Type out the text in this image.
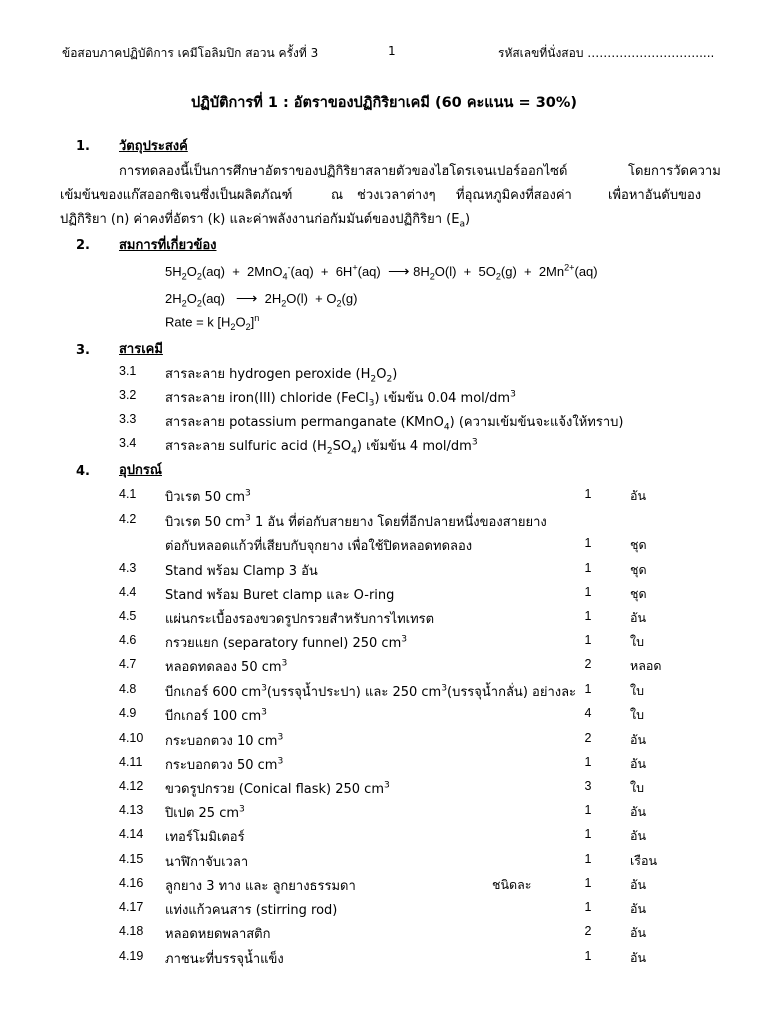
ข้อสอบภาคปฏิบัติการ เคมีโอลิมปิก สอวน ครั้งที่ 3	1	รหัสเลขที่นั่งสอบ ……………………….....
ปฏิบัติการที่ 1 : อัตราของปฏิกิริยาเคมี (60 คะแนน = 30%)
1. วัตถุประสงค์
การทดลองนี้เป็นการศึกษาอัตราของปฏิกิริยาสลายตัวของไฮโดรเจนเปอร์ออกไซด์	โดยการวัดความ
เข้มข้นของแก๊สออกซิเจนซึ่งเป็นผลิตภัณฑ์	ณ ช่วงเวลาต่างๆ ที่อุณหภูมิคงที่สองค่า	เพื่อหาอันดับของ
ปฏิกิริยา (n) ค่าคงที่อัตรา (k) และค่าพลังงานก่อกัมมันต์ของปฏิกิริยา $(E_a)$
2. สมการที่เกี่ยวข้อง
$5H_2O_2(aq) + 2MnO_4^-(aq) + 6H^+(aq)$  ⟶ $8H_2O(l) + 5O_2(g) + 2Mn^{2+}(aq)$
$2H_2O_2(aq)$   ⟶  $2H_2O(l) + O_2(g)$
Rate = k $[H_2O_2]^n$
3. สารเคมี
3.1 สารละลาย hydrogen peroxide $(H_2O_2)$
3.2 สารละลาย iron(III) chloride (FeCl$_3$) เข้มข้น 0.04 mol/$dm^3$
3.3 สารละลาย potassium permanganate (KMnO$_4$) (ความเข้มข้นจะแจ้งให้ทราบ)
3.4 สารละลาย sulfuric acid $(H_2SO_4)$ เข้มข้น 4 mol/$dm^3$
4. อุปกรณ์
4.1 บิวเรต 50 $cm^3$	1	อัน
4.2 บิวเรต 50 $cm^3$ 1 อัน ที่ต่อกับสายยาง โดยที่อีกปลายหนึ่งของสายยาง
ต่อกับหลอดแก้วที่เสียบกับจุกยาง เพื่อใช้ปิดหลอดทดลอง	1	ชุด
4.3 Stand พร้อม Clamp 3 อัน	1	ชุด
4.4 Stand พร้อม Buret clamp และ O-ring	1	ชุด
4.5 แผ่นกระเบื้องรองขวดรูปกรวยสำหรับการไทเทรต	1	อัน
4.6 กรวยแยก (separatory funnel) 250 $cm^3$	1	ใบ
4.7 หลอดทดลอง 50 $cm^3$	2	หลอด
4.8 บีกเกอร์ 600 $cm^3$(บรรจุน้ำประปา) และ 250 $cm^3$(บรรจุน้ำกลั่น) อย่างละ 1	ใบ
4.9 บีกเกอร์ 100 $cm^3$	4	ใบ
4.10 กระบอกตวง 10 $cm^3$	2	อัน
4.11 กระบอกตวง 50 $cm^3$	1	อัน
4.12 ขวดรูปกรวย (Conical flask) 250 $cm^3$	3	ใบ
4.13 ปิเปต 25 $cm^3$	1	อัน
4.14 เทอร์โมมิเตอร์	1	อัน
4.15 นาฬิกาจับเวลา	1	เรือน
4.16 ลูกยาง 3 ทาง และ ลูกยางธรรมดา	ชนิดละ	1	อัน
4.17 แท่งแก้วคนสาร (stirring rod)	1	อัน
4.18 หลอดหยดพลาสติก	2	อัน
4.19 ภาชนะที่บรรจุน้ำแข็ง	1	อัน
